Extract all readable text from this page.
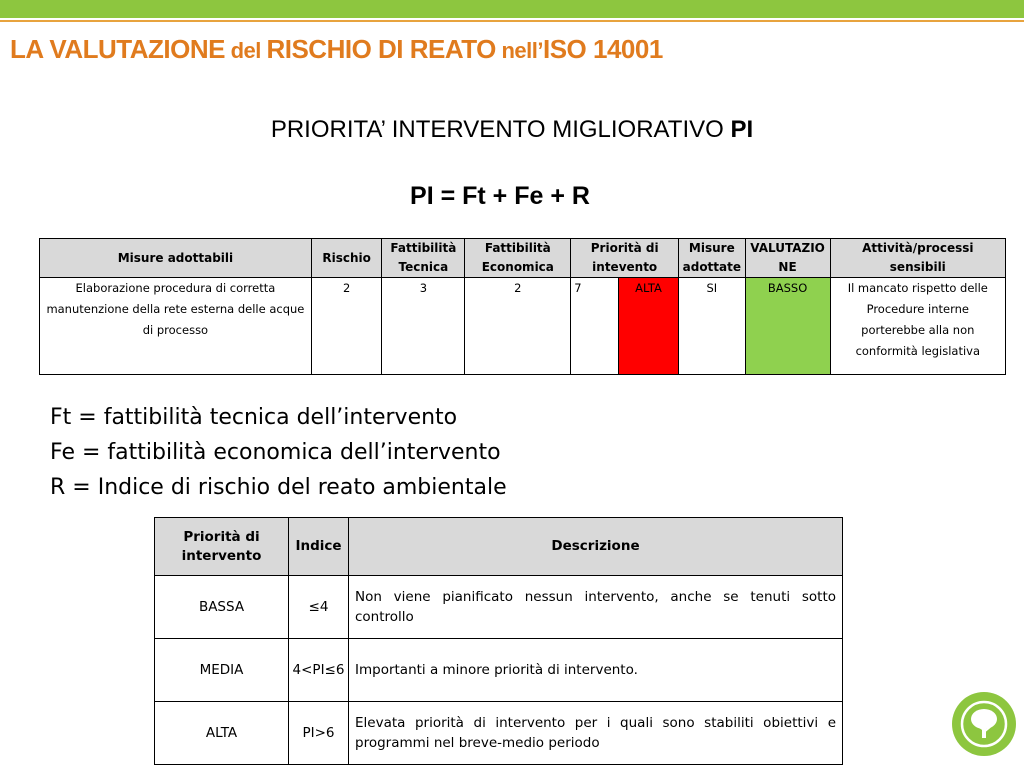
LA VALUTAZIONE del RISCHIO DI REATO nell’ISO 14001
PRIORITA’ INTERVENTO MIGLIORATIVO PI
PI = Ft + Fe + R
Misure adottabili	Rischio	Fattibilità Tecnica	Fattibilità Economica	Priorità di intevento		Misure adottate	VALUTAZIONE	Attività/processi sensibili
Elaborazione procedura di corretta manutenzione della rete esterna delle acque di processo	2	3	2	7	ALTA	SI	BASSO	Il mancato rispetto delle Procedure interne porterebbe alla non conformità legislativa
Ft = fattibilità tecnica dell’intervento
Fe = fattibilità economica dell’intervento
R = Indice di rischio del reato ambientale
Priorità di intervento	Indice	Descrizione
BASSA	≤4	Non viene pianificato nessun intervento, anche se tenuti sotto controllo
MEDIA	4<PI≤6	Importanti a minore priorità di intervento.
ALTA	PI>6	Elevata priorità di intervento per i quali sono stabiliti obiettivi e programmi nel breve-medio periodo
